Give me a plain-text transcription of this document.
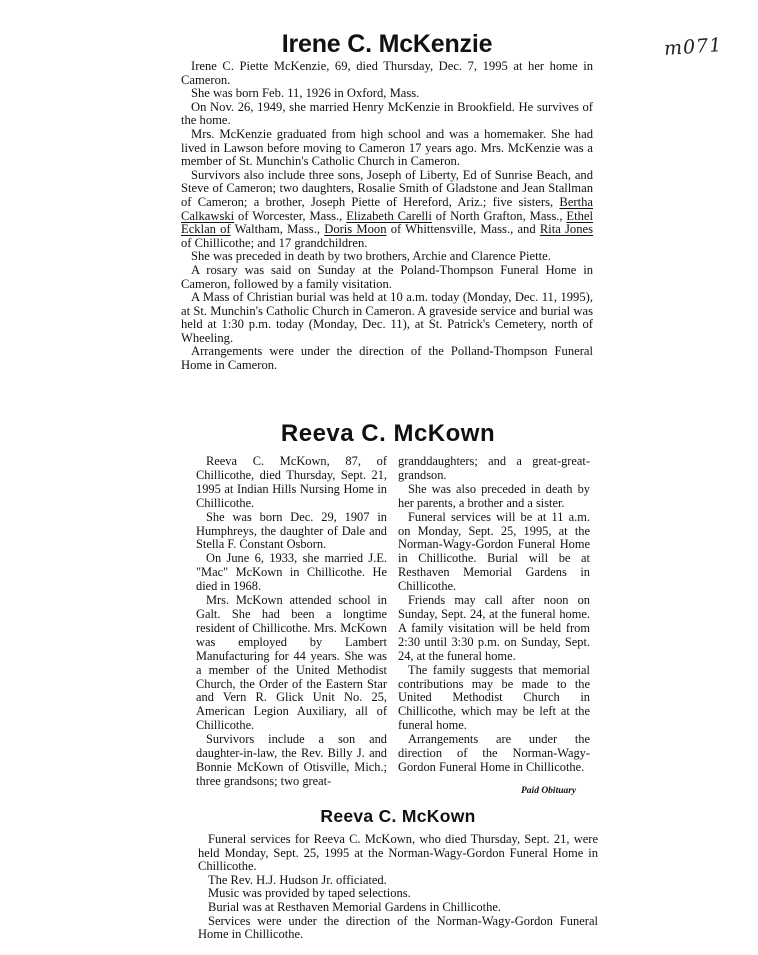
m071
Irene C. McKenzie

Irene C. Piette McKenzie, 69, died Thursday, Dec. 7, 1995 at her home in Cameron.

She was born Feb. 11, 1926 in Oxford, Mass.

On Nov. 26, 1949, she married Henry McKenzie in Brookfield. He survives of the home.

Mrs. McKenzie graduated from high school and was a homemaker. She had lived in Lawson before moving to Cameron 17 years ago. Mrs. McKenzie was a member of St. Munchin's Catholic Church in Cameron.

Survivors also include three sons, Joseph of Liberty, Ed of Sunrise Beach, and Steve of Cameron; two daughters, Rosalie Smith of Gladstone and Jean Stallman of Cameron; a brother, Joseph Piette of Hereford, Ariz.; five sisters, Bertha Calkawski of Worcester, Mass., Elizabeth Carelli of North Grafton, Mass., Ethel Ecklan of Waltham, Mass., Doris Moon of Whittensville, Mass., and Rita Jones of Chillicothe; and 17 grandchildren.

She was preceded in death by two brothers, Archie and Clarence Piette.

A rosary was said on Sunday at the Poland-Thompson Funeral Home in Cameron, followed by a family visitation.

A Mass of Christian burial was held at 10 a.m. today (Monday, Dec. 11, 1995), at St. Munchin's Catholic Church in Cameron. A graveside service and burial was held at 1:30 p.m. today (Monday, Dec. 11), at St. Patrick's Cemetery, north of Wheeling.

Arrangements were under the direction of the Polland-Thompson Funeral Home in Cameron.

Reeva C. McKown

Reeva C. McKown, 87, of Chillicothe, died Thursday, Sept. 21, 1995 at Indian Hills Nursing Home in Chillicothe.

She was born Dec. 29, 1907 in Humphreys, the daughter of Dale and Stella F. Constant Osborn.

On June 6, 1933, she married J.E. "Mac" McKown in Chillicothe. He died in 1968.

Mrs. McKown attended school in Galt. She had been a longtime resident of Chillicothe. Mrs. McKown was employed by Lambert Manufacturing for 44 years. She was a member of the United Methodist Church, the Order of the Eastern Star and Vern R. Glick Unit No. 25, American Legion Auxiliary, all of Chillicothe.

Survivors include a son and daughter-in-law, the Rev. Billy J. and Bonnie McKown of Otisville, Mich.; three grandsons; two great-

granddaughters; and a great-great-grandson.

She was also preceded in death by her parents, a brother and a sister.

Funeral services will be at 11 a.m. on Monday, Sept. 25, 1995, at the Norman-Wagy-Gordon Funeral Home in Chillicothe. Burial will be at Resthaven Memorial Gardens in Chillicothe.

Friends may call after noon on Sunday, Sept. 24, at the funeral home. A family visitation will be held from 2:30 until 3:30 p.m. on Sunday, Sept. 24, at the funeral home.

The family suggests that memorial contributions may be made to the United Methodist Church in Chillicothe, which may be left at the funeral home.

Arrangements are under the direction of the Norman-Wagy-Gordon Funeral Home in Chillicothe.

Paid Obituary
Reeva C. McKown

Funeral services for Reeva C. McKown, who died Thursday, Sept. 21, were held Monday, Sept. 25, 1995 at the Norman-Wagy-Gordon Funeral Home in Chillicothe.

The Rev. H.J. Hudson Jr. officiated.

Music was provided by taped selections.

Burial was at Resthaven Memorial Gardens in Chillicothe.

Services were under the direction of the Norman-Wagy-Gordon Funeral Home in Chillicothe.
